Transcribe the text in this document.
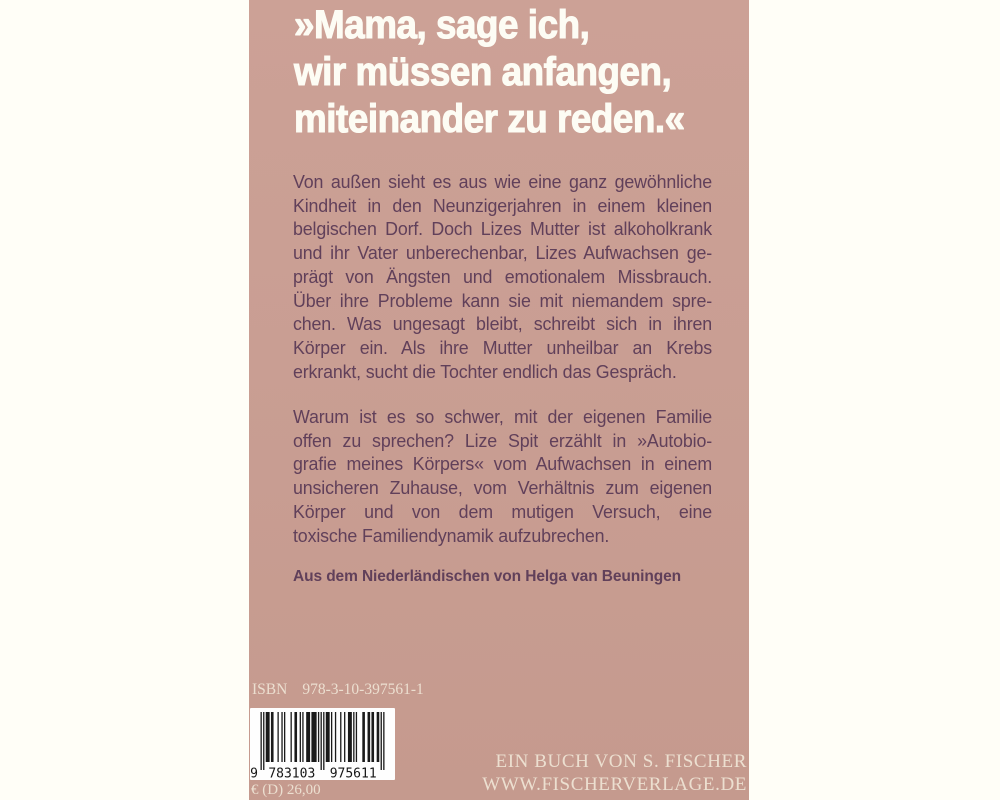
»Mama, sage ich,
wir müssen anfangen,
miteinander zu reden.«
Von außen sieht es aus wie eine ganz gewöhnliche
Kindheit in den Neunzigerjahren in einem kleinen
belgischen Dorf. Doch Lizes Mutter ist alkoholkrank
und ihr Vater unberechenbar, Lizes Aufwachsen ge-
prägt von Ängsten und emotionalem Missbrauch.
Über ihre Probleme kann sie mit niemandem spre-
chen. Was ungesagt bleibt, schreibt sich in ihren
Körper ein. Als ihre Mutter unheilbar an Krebs
erkrankt, sucht die Tochter endlich das Gespräch.
Warum ist es so schwer, mit der eigenen Familie
offen zu sprechen? Lize Spit erzählt in »Autobio-
grafie meines Körpers« vom Aufwachsen in einem
unsicheren Zuhause, vom Verhältnis zum eigenen
Körper und von dem mutigen Versuch, eine
toxische Familiendynamik aufzubrechen.
Aus dem Niederländischen von Helga van Beuningen
ISBN 978-3-10-397561-1
9 783103 975611
€ (D) 26,00
EIN BUCH VON S. FISCHER
WWW.FISCHERVERLAGE.DE
